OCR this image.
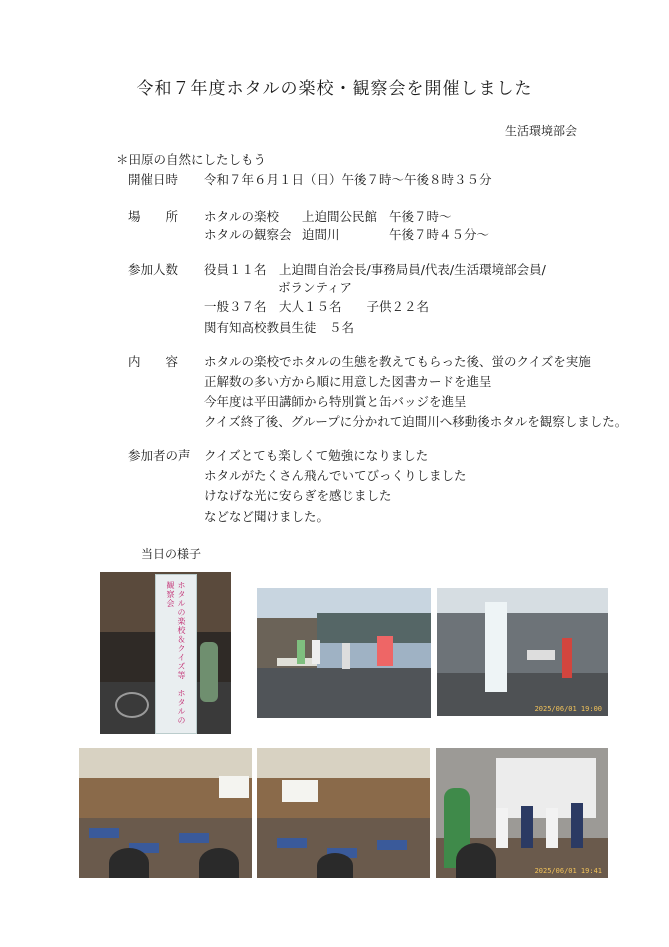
令和７年度ホタルの楽校・観察会を開催しました
生活環境部会
＊田原の自然にしたしもう
開催日時 令和７年６月１日（日）午後７時～午後８時３５分
場　　所 ホタルの楽校 上迫間公民館 午後７時～
ホタルの観察会 迫間川	午後７時４５分～
参加人数 役員１１名　上迫間自治会長/事務局員/代表/生活環境部会員/
ボランティア
一般３７名　大人１５名　　子供２２名
関有知高校教員生徒　５名
内　　容 ホタルの楽校でホタルの生態を教えてもらった後、蛍のクイズを実施
正解数の多い方から順に用意した図書カードを進呈
今年度は平田講師から特別賞と缶バッジを進呈
クイズ終了後、グループに分かれて迫間川へ移動後ホタルを観察しました。
参加者の声 クイズとても楽しくて勉強になりました
ホタルがたくさん飛んでいてびっくりしました
けなげな光に安らぎを感じました
などなど聞けました。
当日の様子
ホタルの楽校＆クイズ等　ホタルの観察会
2025/06/01 19:00
2025/06/01 19:41
